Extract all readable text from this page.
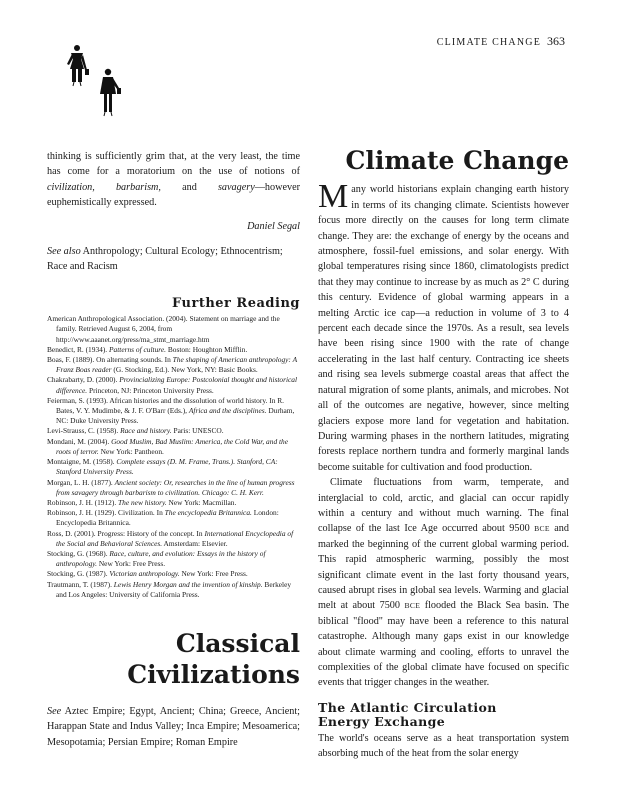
CLIMATE CHANGE 363

thinking is sufficiently grim that, at the very least, the time has come for a moratorium on the use of notions of civilization, barbarism, and savagery—however euphemistically expressed.

Daniel Segal

See also Anthropology; Cultural Ecology; Ethnocentrism; Race and Racism

Further Reading

American Anthropological Association. (2004). Statement on marriage and the family. Retrieved August 6, 2004, from http://www.aaanet.org/press/ma_stmt_marriage.htm

Benedict, R. (1934). Patterns of culture. Boston: Houghton Mifflin.

Boas, F. (1889). On alternating sounds. In The shaping of American anthropology: A Franz Boas reader (G. Stocking, Ed.). New York, NY: Basic Books.

Chakrabarty, D. (2000). Provincializing Europe: Postcolonial thought and historical difference. Princeton, NJ: Princeton University Press.

Feierman, S. (1993). African histories and the dissolution of world history. In R. Bates, V. Y. Mudimbe, & J. F. O'Barr (Eds.), Africa and the disciplines. Durham, NC: Duke University Press.

Levi-Strauss, C. (1958). Race and history. Paris: UNESCO.

Mondani, M. (2004). Good Muslim, Bad Muslim: America, the Cold War, and the roots of terror. New York: Pantheon.

Montaigne, M. (1958). Complete essays (D. M. Frame, Trans.). Stanford, CA: Stanford University Press.

Morgan, L. H. (1877). Ancient society: Or, researches in the line of human progress from savagery through barbarism to civilization. Chicago: C. H. Kerr.

Robinson, J. H. (1912). The new history. New York: Macmillan.

Robinson, J. H. (1929). Civilization. In The encyclopedia Britannica. London: Encyclopedia Britannica.

Ross, D. (2001). Progress: History of the concept. In International Encyclopedia of the Social and Behavioral Sciences. Amsterdam: Elsevier.

Stocking, G. (1968). Race, culture, and evolution: Essays in the history of anthropology. New York: Free Press.

Stocking, G. (1987). Victorian anthropology. New York: Free Press.

Trautmann, T. (1987). Lewis Henry Morgan and the invention of kinship. Berkeley and Los Angeles: University of California Press.

Classical
Civilizations

See Aztec Empire; Egypt, Ancient; China; Greece, Ancient; Harappan State and Indus Valley; Inca Empire; Mesoamerica; Mesopotamia; Persian Empire; Roman Empire

Climate Change

Many world historians explain changing earth history in terms of its changing climate. Scientists however focus more directly on the causes for long term climate change. They are: the exchange of energy by the oceans and atmosphere, fossil-fuel emissions, and solar energy. With global temperatures rising since 1860, climatologists predict that they may continue to increase by as much as 2° C during this century. Evidence of global warming appears in a melting Arctic ice cap—a reduction in volume of 3 to 4 percent each decade since the 1970s. As a result, sea levels have been rising since 1900 with the rate of change accelerating in the last half century. Contracting ice sheets and rising sea levels submerge coastal areas that affect the natural migration of some plants, animals, and microbes. Not all of the outcomes are negative, however, since melting glaciers expose more land for vegetation and habitation. During warming phases in the northern latitudes, migrating forests replace northern tundra and formerly marginal lands become suitable for cultivation and food production.

Climate fluctuations from warm, temperate, and interglacial to cold, arctic, and glacial can occur rapidly within a century and without much warning. The final collapse of the last Ice Age occurred about 9500 BCE and marked the beginning of the current global warming period. This rapid atmospheric warming, possibly the most significant climate event in the last forty thousand years, caused abrupt rises in global sea levels. Warming and glacial melt at about 7500 BCE flooded the Black Sea basin. The biblical "flood" may have been a reference to this natural catastrophe. Although many gaps exist in our knowledge about climate warming and cooling, efforts to unravel the complexities of the global climate have focused on specific events that trigger changes in the weather.

The Atlantic Circulation
Energy Exchange

The world's oceans serve as a heat transportation system absorbing much of the heat from the solar energy
